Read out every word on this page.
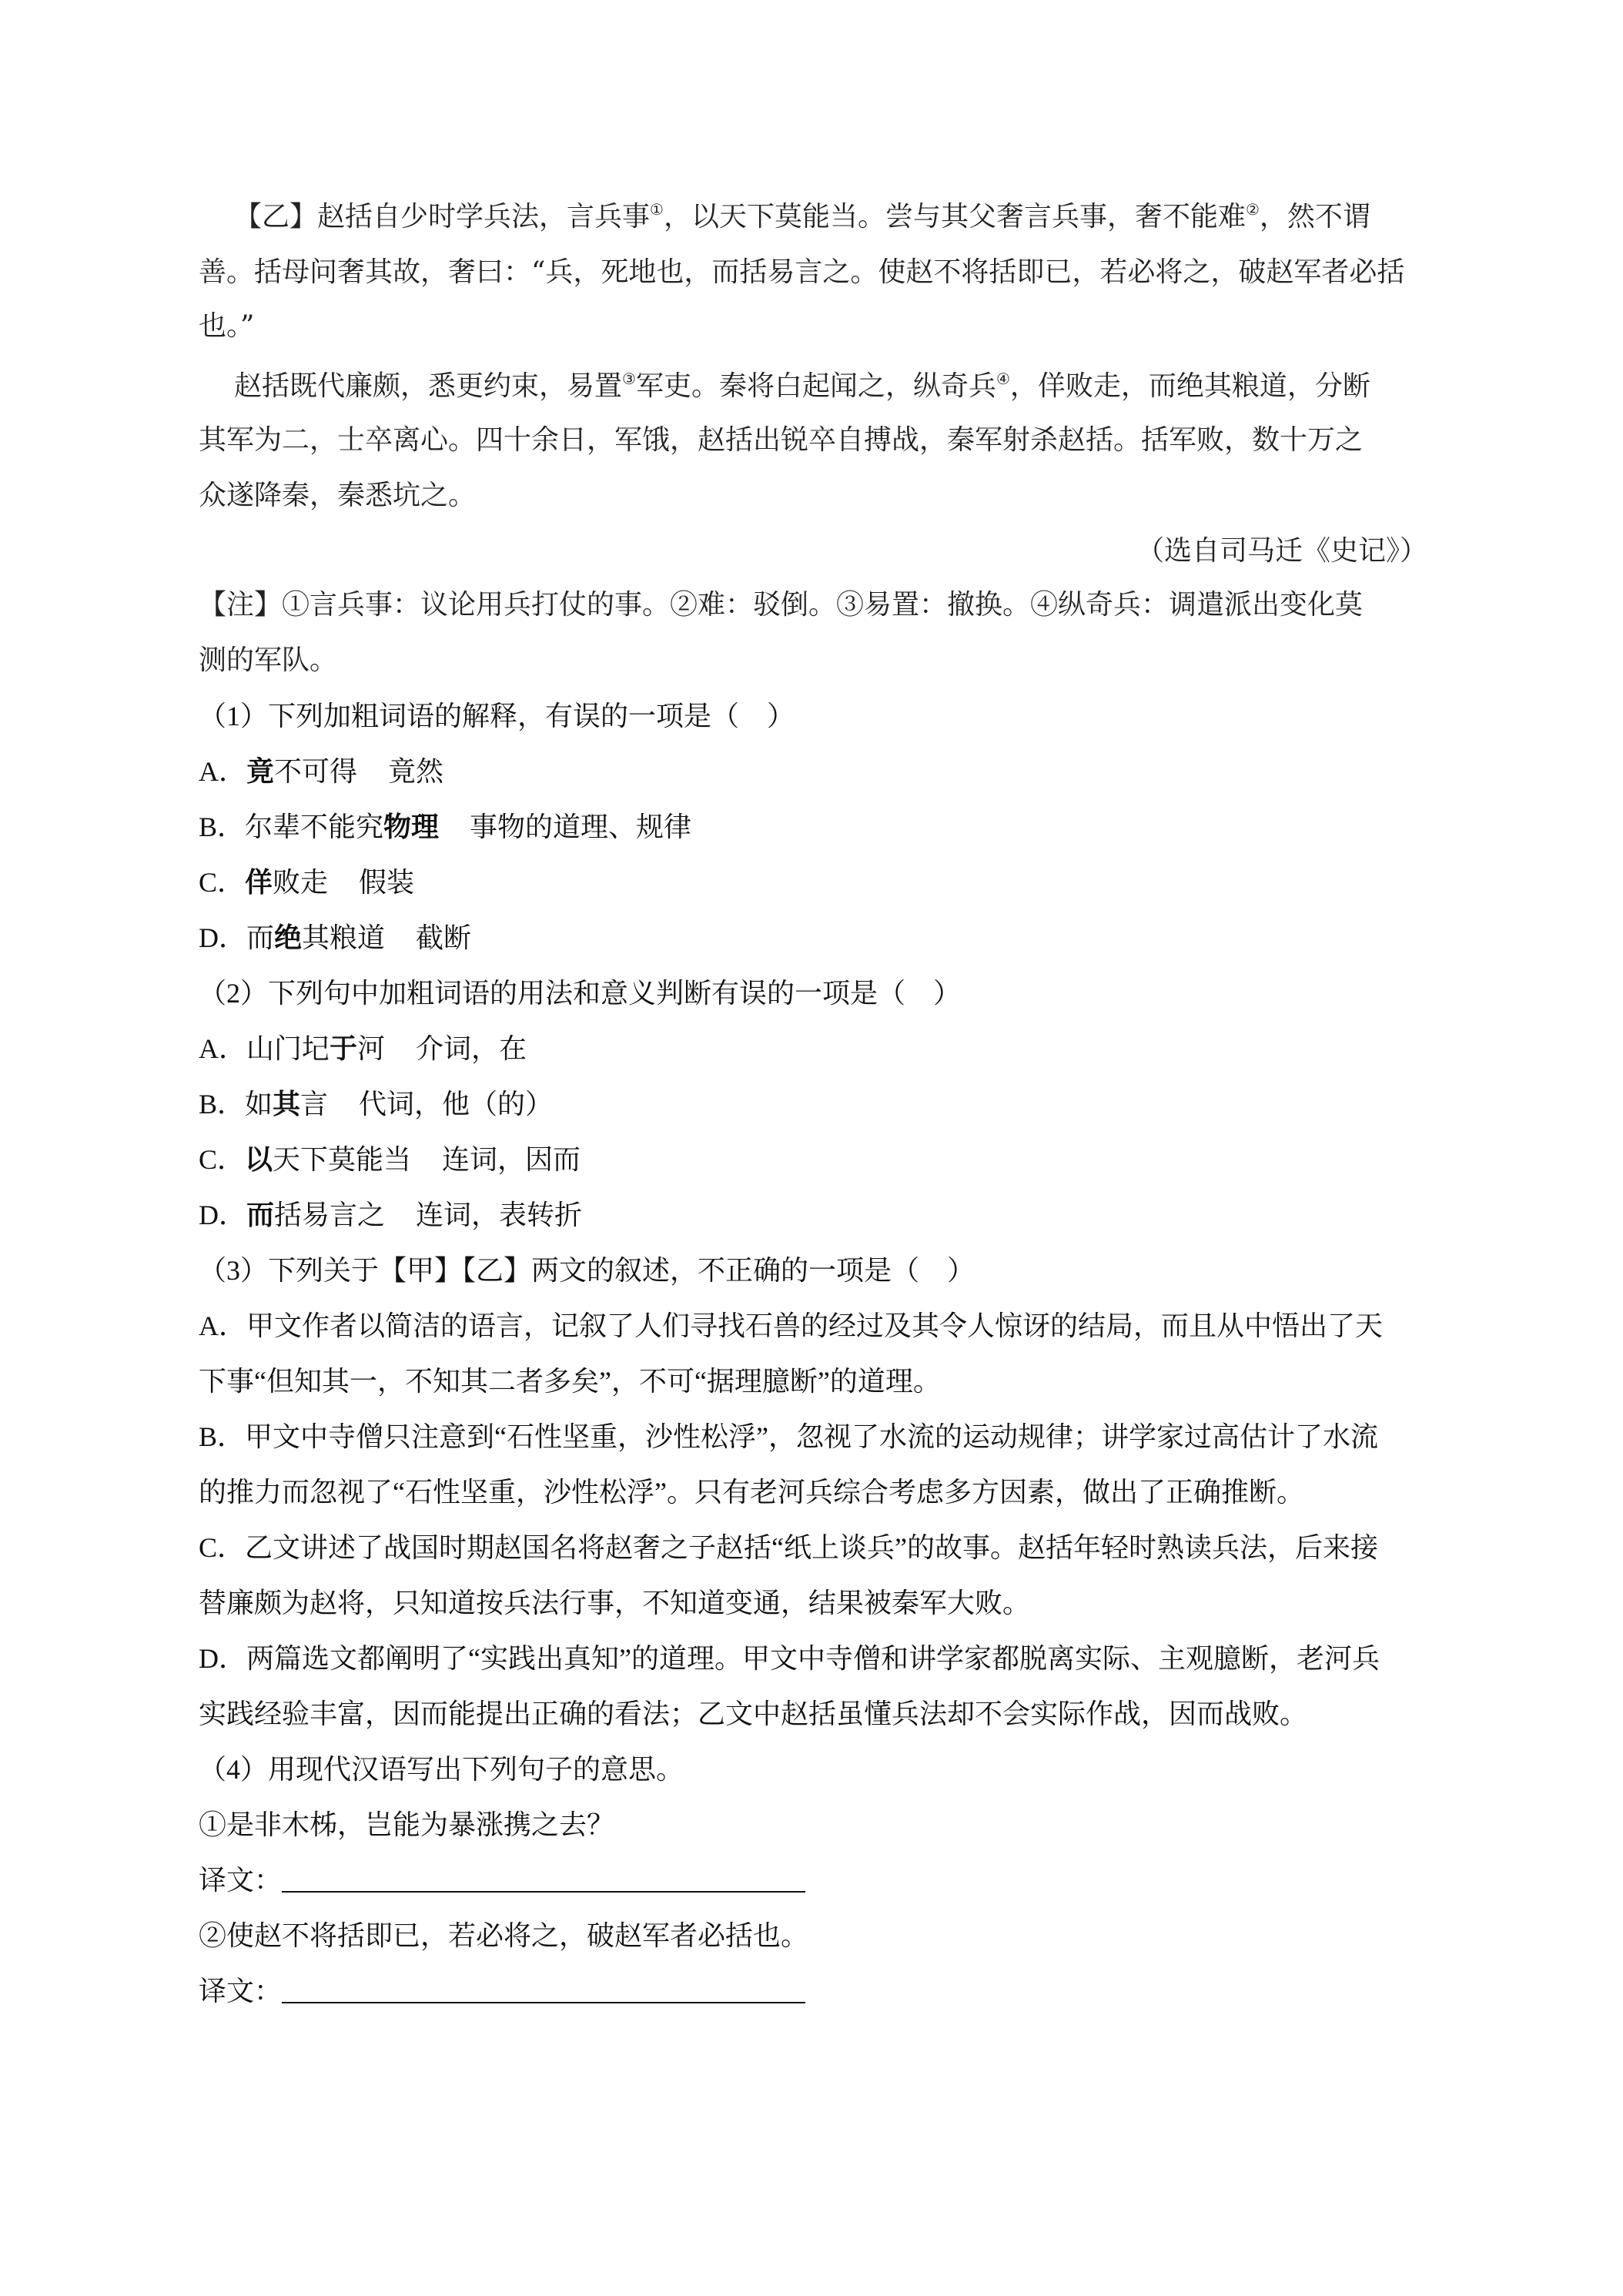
【乙】赵括自少时学兵法，言兵事①，以天下莫能当。尝与其父奢言兵事，奢不能难②，然不谓
善。括母问奢其故，奢曰：“兵，死地也，而括易言之。使赵不将括即已，若必将之，破赵军者必括
也。”
赵括既代廉颇，悉更约束，易置③军吏。秦将白起闻之，纵奇兵④，佯败走，而绝其粮道，分断
其军为二，士卒离心。四十余日，军饿，赵括出锐卒自搏战，秦军射杀赵括。括军败，数十万之
众遂降秦，秦悉坑之。
（选自司马迁《史记》）
【注】①言兵事：议论用兵打仗的事。②难：驳倒。③易置：撤换。④纵奇兵：调遣派出变化莫
测的军队。
（1）下列加粗词语的解释，有误的一项是（　）
A．竟不可得 竟然
B．尔辈不能究物理 事物的道理、规律
C．佯败走 假装
D．而绝其粮道 截断
（2）下列句中加粗词语的用法和意义判断有误的一项是（　）
A．山门圮于河 介词，在
B．如其言 代词，他（的）
C．以天下莫能当 连词，因而
D．而括易言之 连词，表转折
（3）下列关于【甲】【乙】两文的叙述，不正确的一项是（　）
A．甲文作者以简洁的语言，记叙了人们寻找石兽的经过及其令人惊讶的结局，而且从中悟出了天
下事“但知其一，不知其二者多矣”，不可“据理臆断”的道理。
B．甲文中寺僧只注意到“石性坚重，沙性松浮”，忽视了水流的运动规律；讲学家过高估计了水流
的推力而忽视了“石性坚重，沙性松浮”。只有老河兵综合考虑多方因素，做出了正确推断。
C．乙文讲述了战国时期赵国名将赵奢之子赵括“纸上谈兵”的故事。赵括年轻时熟读兵法，后来接
替廉颇为赵将，只知道按兵法行事，不知道变通，结果被秦军大败。
D．两篇选文都阐明了“实践出真知”的道理。甲文中寺僧和讲学家都脱离实际、主观臆断，老河兵
实践经验丰富，因而能提出正确的看法；乙文中赵括虽懂兵法却不会实际作战，因而战败。
（4）用现代汉语写出下列句子的意思。
①是非木柹，岂能为暴涨携之去？
译文：
②使赵不将括即已，若必将之，破赵军者必括也。
译文：
